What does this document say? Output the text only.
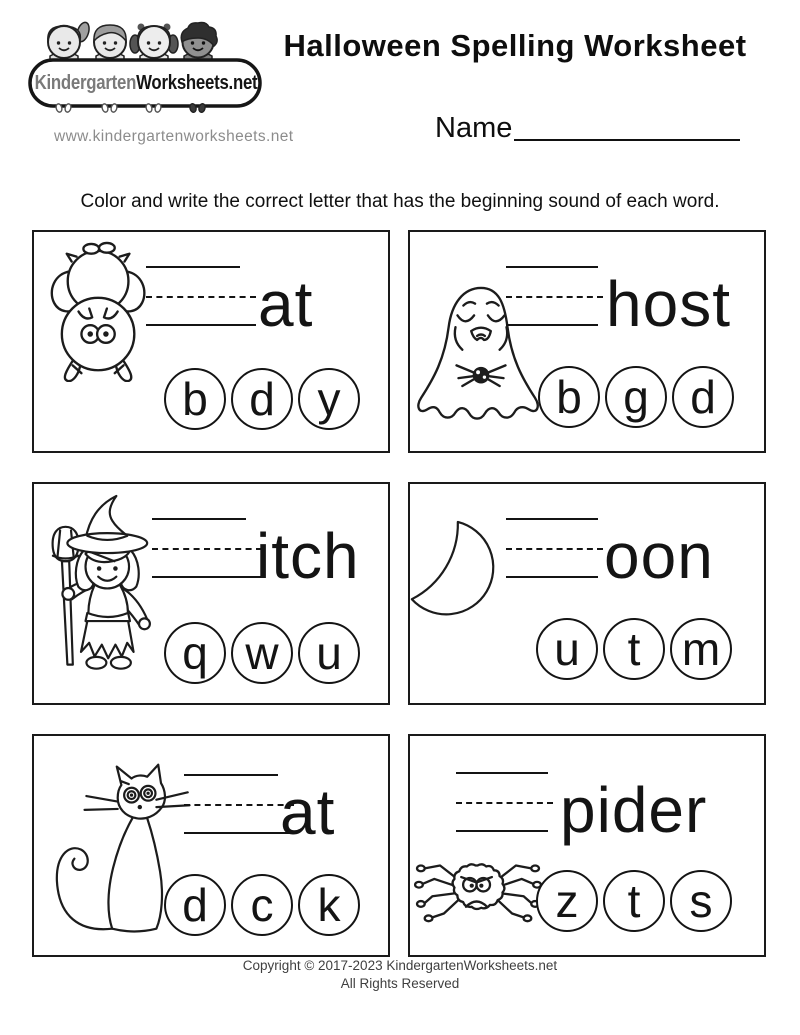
Kindergarten Worksheets.net
www.kindergartenworksheets.net
Halloween Spelling Worksheet
Name

Color and write the correct letter that has the beginning sound of each word.

at
b d y
host
b g d
itch
q w u
oon
u t m
at
d c k
pider
z t s
Copyright © 2017-2023 KindergartenWorksheets.net
All Rights Reserved
